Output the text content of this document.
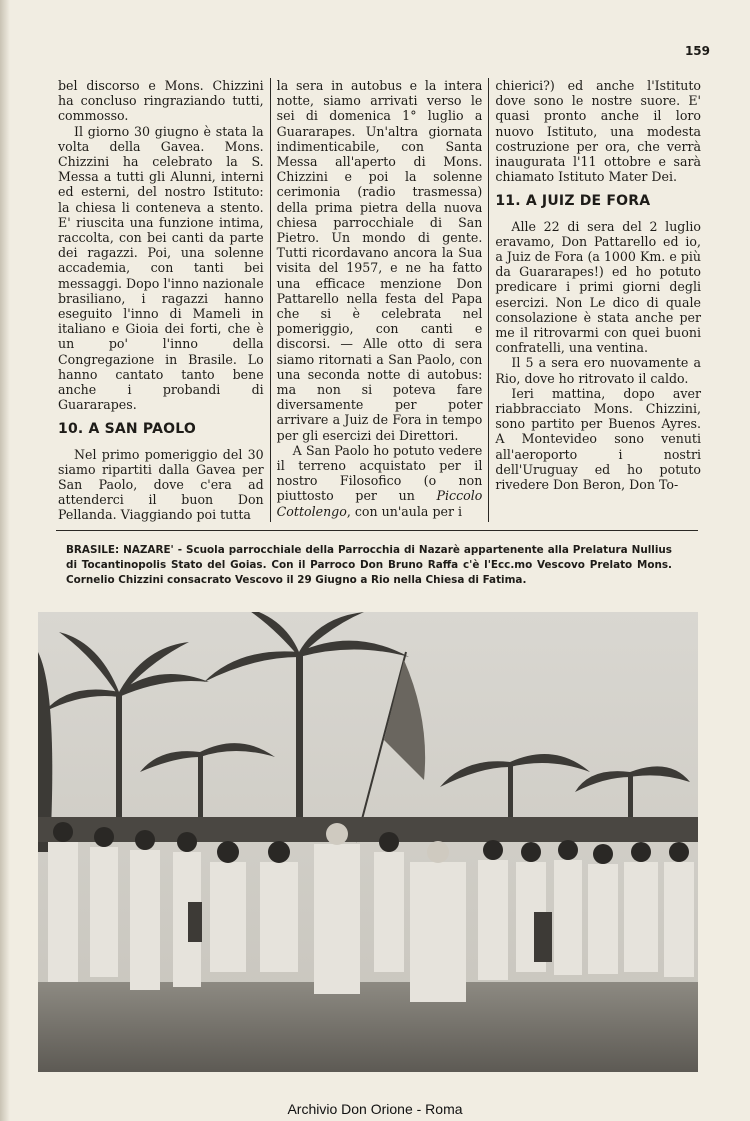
159

bel discorso e Mons. Chizzini ha concluso ringraziando tutti, commosso.

Il giorno 30 giugno è stata la volta della Gavea. Mons. Chizzini ha celebrato la S. Messa a tutti gli Alunni, interni ed esterni, del nostro Istituto: la chiesa li conteneva a stento. E' riuscita una funzione intima, raccolta, con bei canti da parte dei ragazzi. Poi, una solenne accademia, con tanti bei messaggi. Dopo l'inno nazionale brasiliano, i ragazzi hanno eseguito l'inno di Mameli in italiano e Gioia dei forti, che è un po' l'inno della Congregazione in Brasile. Lo hanno cantato tanto bene anche i probandi di Guararapes.

10. A SAN PAOLO

Nel primo pomeriggio del 30 siamo ripartiti dalla Gavea per San Paolo, dove c'era ad attenderci il buon Don Pellanda. Viaggiando poi tutta

la sera in autobus e la intera notte, siamo arrivati verso le sei di domenica 1° luglio a Guararapes. Un'altra giornata indimenticabile, con Santa Messa all'aperto di Mons. Chizzini e poi la solenne cerimonia (radio trasmessa) della prima pietra della nuova chiesa parrocchiale di San Pietro. Un mondo di gente. Tutti ricordavano ancora la Sua visita del 1957, e ne ha fatto una efficace menzione Don Pattarello nella festa del Papa che si è celebrata nel pomeriggio, con canti e discorsi. — Alle otto di sera siamo ritornati a San Paolo, con una seconda notte di autobus: ma non si poteva fare diversamente per poter arrivare a Juiz de Fora in tempo per gli esercizi dei Direttori.

A San Paolo ho potuto vedere il terreno acquistato per il nostro Filosofico (o non piuttosto per un Piccolo Cottolengo, con un'aula per i

chierici?) ed anche l'Istituto dove sono le nostre suore. E' quasi pronto anche il loro nuovo Istituto, una modesta costruzione per ora, che verrà inaugurata l'11 ottobre e sarà chiamato Istituto Mater Dei.

11. A JUIZ DE FORA

Alle 22 di sera del 2 luglio eravamo, Don Pattarello ed io, a Juiz de Fora (a 1000 Km. e più da Guararapes!) ed ho potuto predicare i primi giorni degli esercizi. Non Le dico di quale consolazione è stata anche per me il ritrovarmi con quei buoni confratelli, una ventina.

Il 5 a sera ero nuovamente a Rio, dove ho ritrovato il caldo.

Ieri mattina, dopo aver riabbracciato Mons. Chizzini, sono partito per Buenos Ayres. A Montevideo sono venuti all'aeroporto i nostri dell'Uruguay ed ho potuto rivedere Don Beron, Don To-

BRASILE: NAZARE' - Scuola parrocchiale della Parrocchia di Nazarè appartenente alla Prelatura Nullius di Tocantinopolis Stato del Goias. Con il Parroco Don Bruno Raffa c'è l'Ecc.mo Vescovo Prelato Mons. Cornelio Chizzini consacrato Vescovo il 29 Giugno a Rio nella Chiesa di Fatima.
Archivio Don Orione - Roma
